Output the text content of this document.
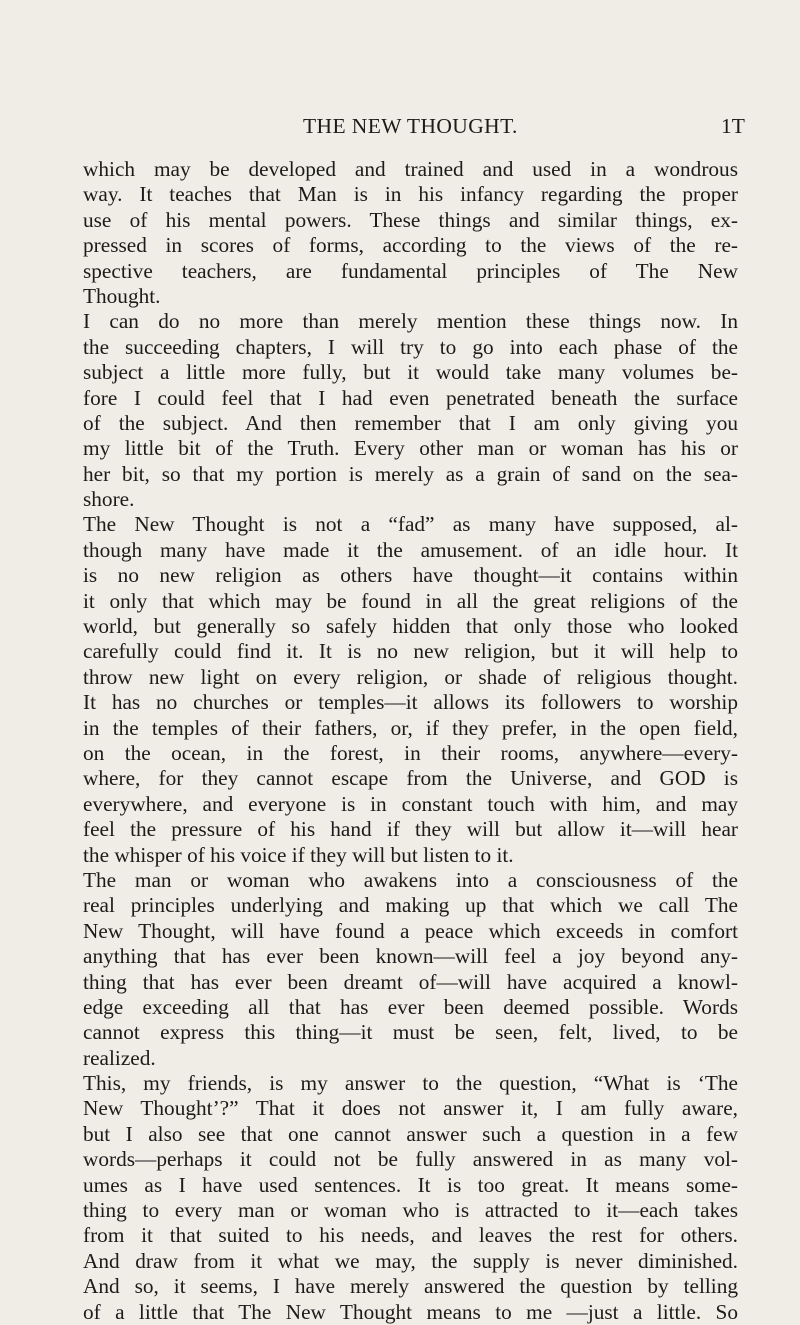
THE NEW THOUGHT.	1T
which may be developed and trained and used in a wondrous
way. It teaches that Man is in his infancy regarding the proper
use of his mental powers. These things and similar things, ex-
pressed in scores of forms, according to the views of the re-
spective teachers, are fundamental principles of The New
Thought.
I can do no more than merely mention these things now. In
the succeeding chapters, I will try to go into each phase of the
subject a little more fully, but it would take many volumes be-
fore I could feel that I had even penetrated beneath the surface
of the subject. And then remember that I am only giving you
my little bit of the Truth. Every other man or woman has his or
her bit, so that my portion is merely as a grain of sand on the sea-
shore.
The New Thought is not a “fad” as many have supposed, al-
though many have made it the amusement. of an idle hour. It
is no new religion as others have thought—it contains within
it only that which may be found in all the great religions of the
world, but generally so safely hidden that only those who looked
carefully could find it. It is no new religion, but it will help to
throw new light on every religion, or shade of religious thought.
It has no churches or temples—it allows its followers to worship
in the temples of their fathers, or, if they prefer, in the open field,
on the ocean, in the forest, in their rooms, anywhere—every-
where, for they cannot escape from the Universe, and GOD is
everywhere, and everyone is in constant touch with him, and may
feel the pressure of his hand if they will but allow it—will hear
the whisper of his voice if they will but listen to it.
The man or woman who awakens into a consciousness of the
real principles underlying and making up that which we call The
New Thought, will have found a peace which exceeds in comfort
anything that has ever been known—will feel a joy beyond any-
thing that has ever been dreamt of—will have acquired a knowl-
edge exceeding all that has ever been deemed possible. Words
cannot express this thing—it must be seen, felt, lived, to be
realized.
This, my friends, is my answer to the question, “What is ‘The
New Thought’?” That it does not answer it, I am fully aware,
but I also see that one cannot answer such a question in a few
words—perhaps it could not be fully answered in as many vol-
umes as I have used sentences. It is too great. It means some-
thing to every man or woman who is attracted to it—each takes
from it that suited to his needs, and leaves the rest for others.
And draw from it what we may, the supply is never diminished.
And so, it seems, I have merely answered the question by telling
of a little that The New Thought means to me —just a little. So
